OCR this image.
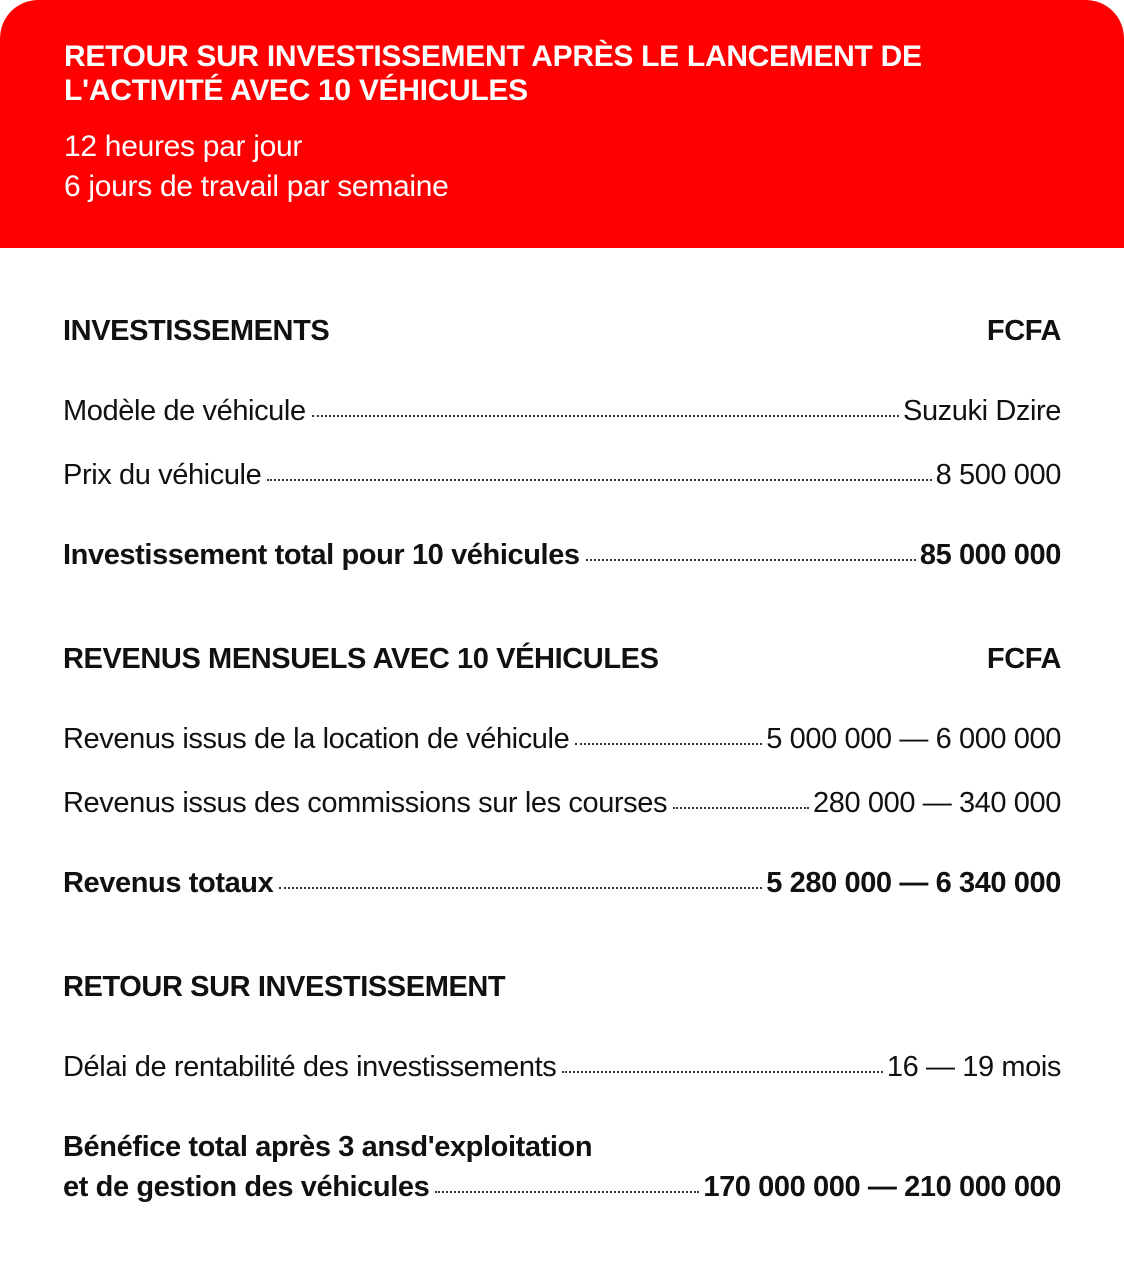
RETOUR SUR INVESTISSEMENT APRÈS LE LANCEMENT DE L'ACTIVITÉ AVEC 10 VÉHICULES
12 heures par jour
6 jours de travail par semaine
INVESTISSEMENTS	FCFA
Modèle de véhicule	Suzuki Dzire
Prix du véhicule	8 500 000
Investissement total pour 10 véhicules	85 000 000
REVENUS MENSUELS AVEC 10 VÉHICULES	FCFA
Revenus issus de la location de véhicule	5 000 000 — 6 000 000
Revenus issus des commissions sur les courses	280 000 — 340 000
Revenus totaux	5 280 000 — 6 340 000
RETOUR SUR INVESTISSEMENT
Délai de rentabilité des investissements	16 — 19 mois
Bénéfice total après 3 ansd'exploitation
et de gestion des véhicules	170 000 000 — 210 000 000
